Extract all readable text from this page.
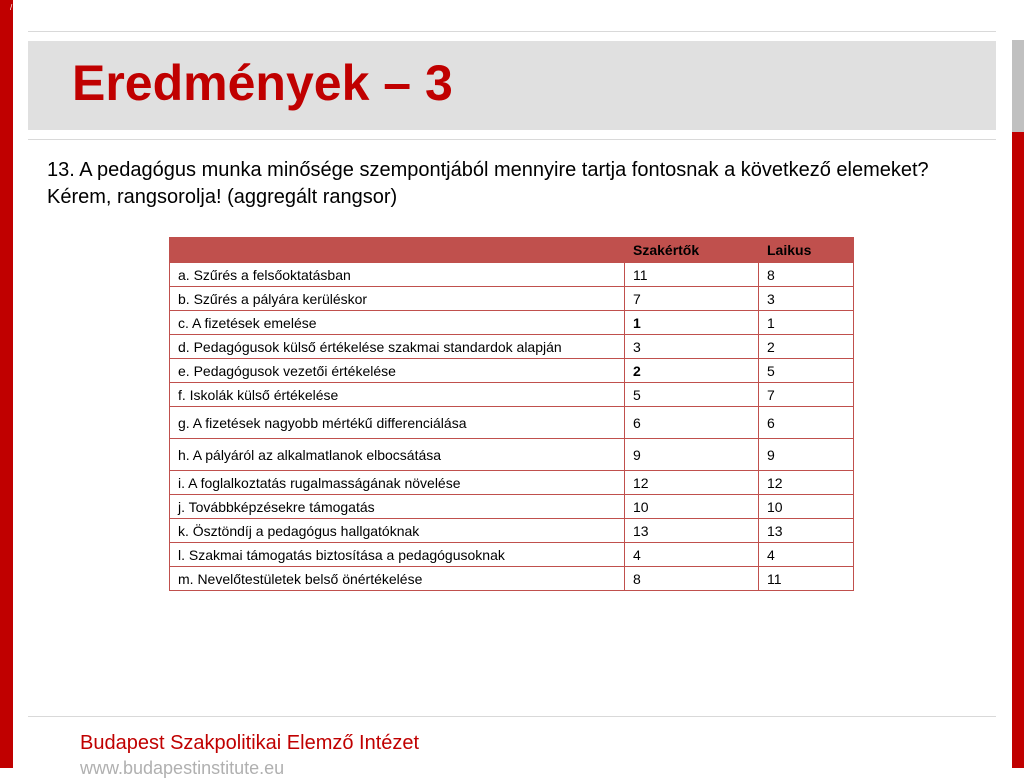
/
Eredmények – 3

13. A pedagógus munka minősége szempontjából mennyire tartja fontosnak a következő elemeket? Kérem, rangsorolja! (aggregált rangsor)

	Szakértők	Laikus
a. Szűrés a felsőoktatásban	11	8
b. Szűrés a pályára kerüléskor	7	3
c. A fizetések emelése	1	1
d. Pedagógusok külső értékelése szakmai standardok alapján	3	2
e. Pedagógusok vezetői értékelése	2	5
f. Iskolák külső értékelése	5	7
g. A fizetések nagyobb mértékű differenciálása	6	6
h. A pályáról az alkalmatlanok elbocsátása	9	9
i. A foglalkoztatás rugalmasságának növelése	12	12
j. Továbbképzésekre támogatás	10	10
k. Ösztöndíj a pedagógus hallgatóknak	13	13
l. Szakmai támogatás biztosítása a pedagógusoknak	4	4
m. Nevelőtestületek belső önértékelése	8	11

Budapest Szakpolitikai Elemző Intézet

www.budapestinstitute.eu
